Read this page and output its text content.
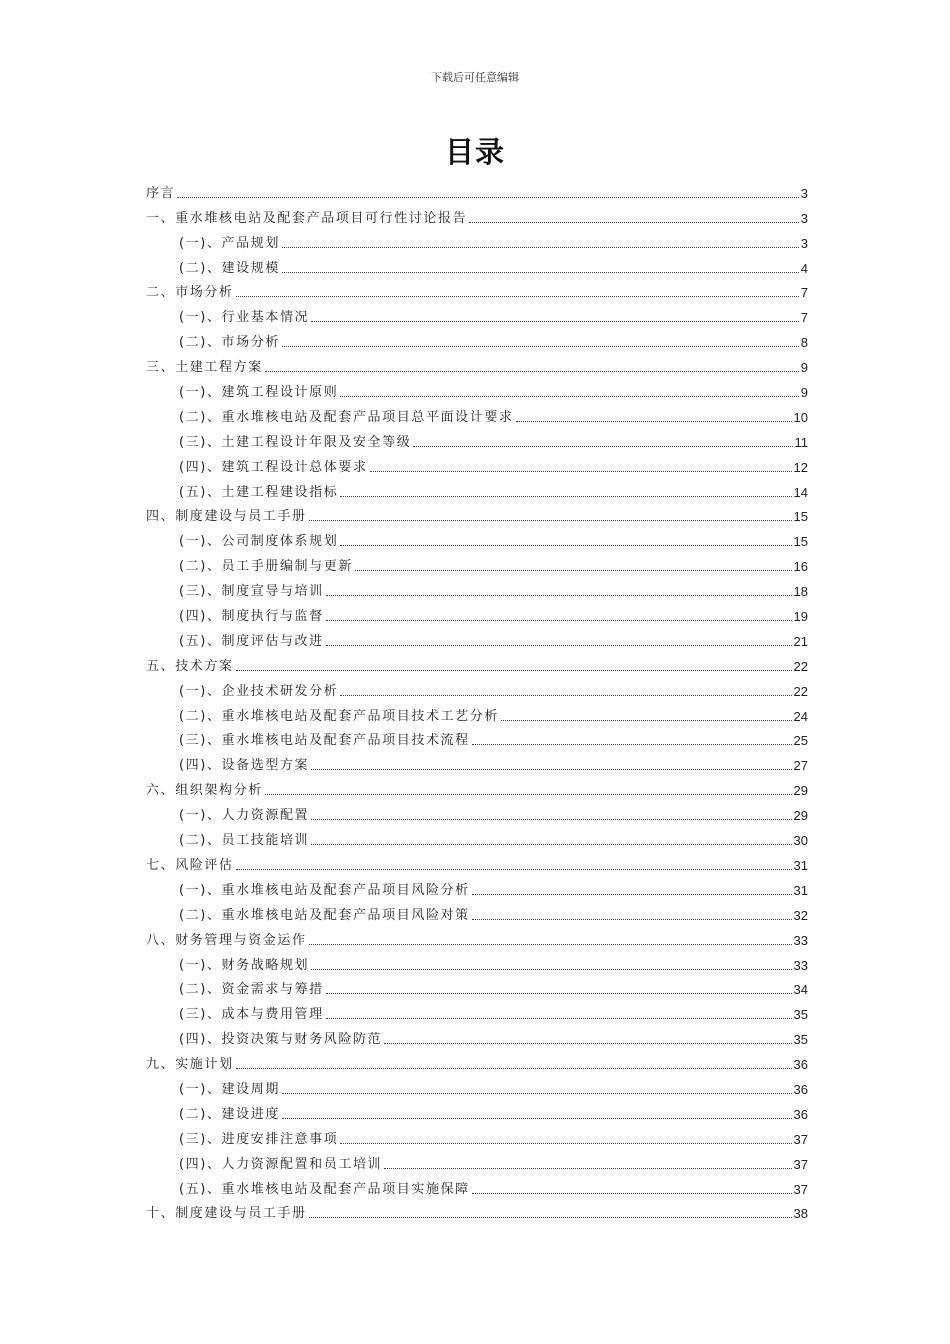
下载后可任意编辑
目录
序言	3
一、重水堆核电站及配套产品项目可行性讨论报告	3
(一)、产品规划	3
(二)、建设规模	4
二、市场分析	7
(一)、行业基本情况	7
(二)、市场分析	8
三、土建工程方案	9
(一)、建筑工程设计原则	9
(二)、重水堆核电站及配套产品项目总平面设计要求	10
(三)、土建工程设计年限及安全等级	11
(四)、建筑工程设计总体要求	12
(五)、土建工程建设指标	14
四、制度建设与员工手册	15
(一)、公司制度体系规划	15
(二)、员工手册编制与更新	16
(三)、制度宣导与培训	18
(四)、制度执行与监督	19
(五)、制度评估与改进	21
五、技术方案	22
(一)、企业技术研发分析	22
(二)、重水堆核电站及配套产品项目技术工艺分析	24
(三)、重水堆核电站及配套产品项目技术流程	25
(四)、设备选型方案	27
六、组织架构分析	29
(一)、人力资源配置	29
(二)、员工技能培训	30
七、风险评估	31
(一)、重水堆核电站及配套产品项目风险分析	31
(二)、重水堆核电站及配套产品项目风险对策	32
八、财务管理与资金运作	33
(一)、财务战略规划	33
(二)、资金需求与筹措	34
(三)、成本与费用管理	35
(四)、投资决策与财务风险防范	35
九、实施计划	36
(一)、建设周期	36
(二)、建设进度	36
(三)、进度安排注意事项	37
(四)、人力资源配置和员工培训	37
(五)、重水堆核电站及配套产品项目实施保障	37
十、制度建设与员工手册	38
